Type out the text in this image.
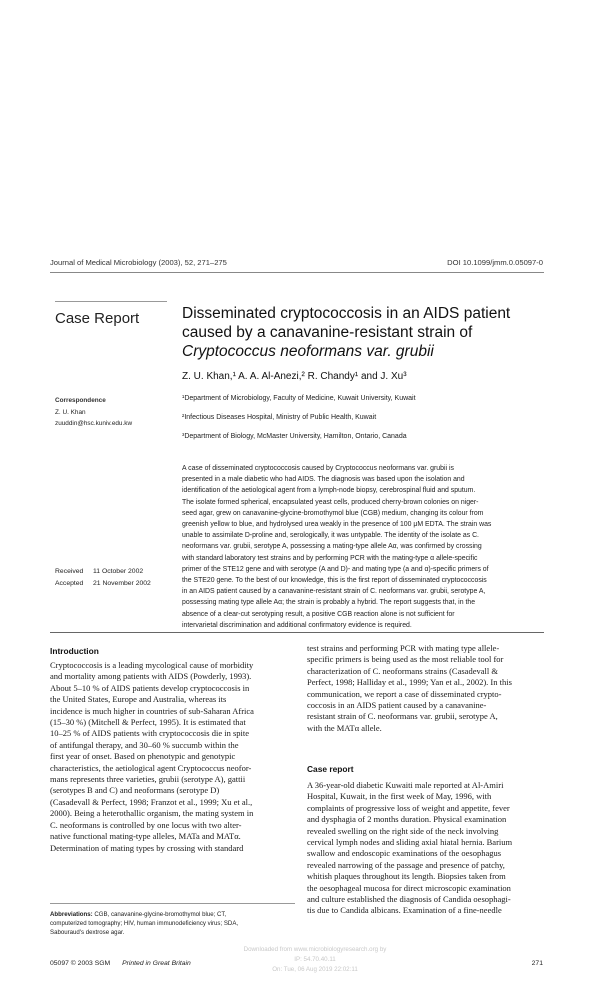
Journal of Medical Microbiology (2003), 52, 271–275	DOI 10.1099/jmm.0.05097-0
Case Report	Disseminated cryptococcosis in an AIDS patient
caused by a canavanine-resistant strain of
Cryptococcus neoformans var. grubii
Z. U. Khan,¹ A. A. Al-Anezi,² R. Chandy¹ and J. Xu³
¹Department of Microbiology, Faculty of Medicine, Kuwait University, Kuwait
²Infectious Diseases Hospital, Ministry of Public Health, Kuwait
³Department of Biology, McMaster University, Hamilton, Ontario, Canada
Correspondence
Z. U. Khan
zuuddin@hsc.kuniv.edu.kw
A case of disseminated cryptococcosis caused by Cryptococcus neoformans var. grubii is
presented in a male diabetic who had AIDS. The diagnosis was based upon the isolation and
identification of the aetiological agent from a lymph-node biopsy, cerebrospinal fluid and sputum.
The isolate formed spherical, encapsulated yeast cells, produced cherry-brown colonies on niger-
seed agar, grew on canavanine-glycine-bromothymol blue (CGB) medium, changing its colour from
greenish yellow to blue, and hydrolysed urea weakly in the presence of 100 μM EDTA. The strain was
unable to assimilate D-proline and, serologically, it was untypable. The identity of the isolate as C.
neoformans var. grubii, serotype A, possessing a mating-type allele Aα, was confirmed by crossing
with standard laboratory test strains and by performing PCR with the mating-type α allele-specific
primer of the STE12 gene and with serotype (A and D)- and mating type (a and α)-specific primers of
the STE20 gene. To the best of our knowledge, this is the first report of disseminated cryptococcosis
in an AIDS patient caused by a canavanine-resistant strain of C. neoformans var. grubii, serotype A,
possessing mating type allele Aα; the strain is probably a hybrid. The report suggests that, in the
absence of a clear-cut serotyping result, a positive CGB reaction alone is not sufficient for
intervarietal discrimination and additional confirmatory evidence is required.
Received 11 October 2002
Accepted 21 November 2002
Introduction
Cryptococcosis is a leading mycological cause of morbidity
and mortality among patients with AIDS (Powderly, 1993).
About 5–10 % of AIDS patients develop cryptococcosis in
the United States, Europe and Australia, whereas its
incidence is much higher in countries of sub-Saharan Africa
(15–30 %) (Mitchell & Perfect, 1995). It is estimated that
10–25 % of AIDS patients with cryptococcosis die in spite
of antifungal therapy, and 30–60 % succumb within the
first year of onset. Based on phenotypic and genotypic
characteristics, the aetiological agent Cryptococcus neofor-
mans represents three varieties, grubii (serotype A), gattii
(serotypes B and C) and neoformans (serotype D)
(Casadevall & Perfect, 1998; Franzot et al., 1999; Xu et al.,
2000). Being a heterothallic organism, the mating system in
C. neoformans is controlled by one locus with two alter-
native functional mating-type alleles, MATa and MATα.
Determination of mating types by crossing with standard
test strains and performing PCR with mating type allele-
specific primers is being used as the most reliable tool for
characterization of C. neoformans strains (Casadevall &
Perfect, 1998; Halliday et al., 1999; Yan et al., 2002). In this
communication, we report a case of disseminated crypto-
coccosis in an AIDS patient caused by a canavanine-
resistant strain of C. neoformans var. grubii, serotype A,
with the MATα allele.
Case report
A 36-year-old diabetic Kuwaiti male reported at Al-Amiri
Hospital, Kuwait, in the first week of May, 1996, with
complaints of progressive loss of weight and appetite, fever
and dysphagia of 2 months duration. Physical examination
revealed swelling on the right side of the neck involving
cervical lymph nodes and sliding axial hiatal hernia. Barium
swallow and endoscopic examinations of the oesophagus
revealed narrowing of the passage and presence of patchy,
whitish plaques throughout its length. Biopsies taken from
the oesophageal mucosa for direct microscopic examination
and culture established the diagnosis of Candida oesophagi-
tis due to Candida albicans. Examination of a fine-needle
Abbreviations: CGB, canavanine-glycine-bromothymol blue; CT,
computerized tomography; HIV, human immunodeficiency virus; SDA,
Sabouraud's dextrose agar.
Downloaded from www.microbiologyresearch.org by
IP: 54.70.40.11
On: Tue, 06 Aug 2019 22:02:11
05097 © 2003 SGM Printed in Great Britain	271
